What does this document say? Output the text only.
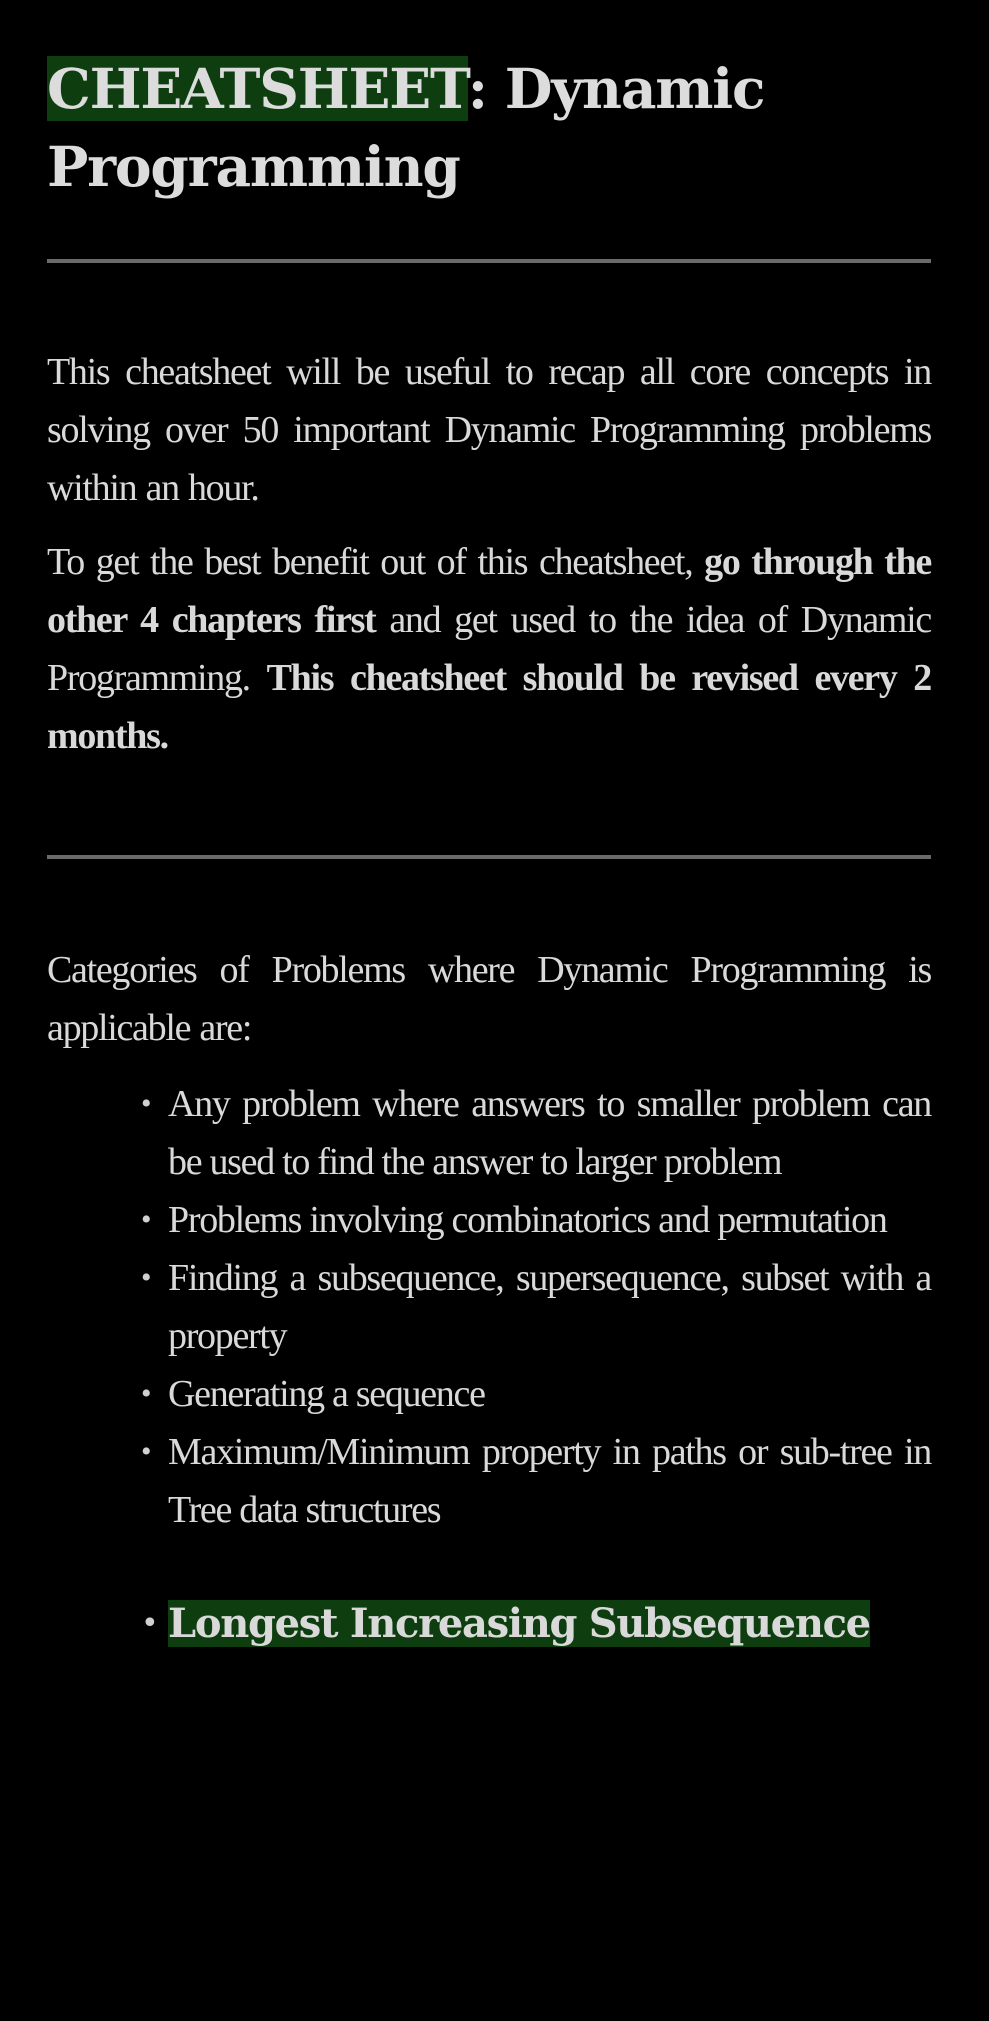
CHEATSHEET: Dynamic Programming

This cheatsheet will be useful to recap all core concepts in solving over 50 important Dynamic Programming problems within an hour.

To get the best benefit out of this cheatsheet, go through the other 4 chapters first and get used to the idea of Dynamic Programming. This cheatsheet should be revised every 2 months.

Categories of Problems where Dynamic Programming is applicable are:

• Any problem where answers to smaller problem can be used to find the answer to larger problem
• Problems involving combinatorics and permutation
• Finding a subsequence, supersequence, subset with a property
• Generating a sequence
• Maximum/Minimum property in paths or sub-tree in Tree data structures
• Longest Increasing Subsequence
